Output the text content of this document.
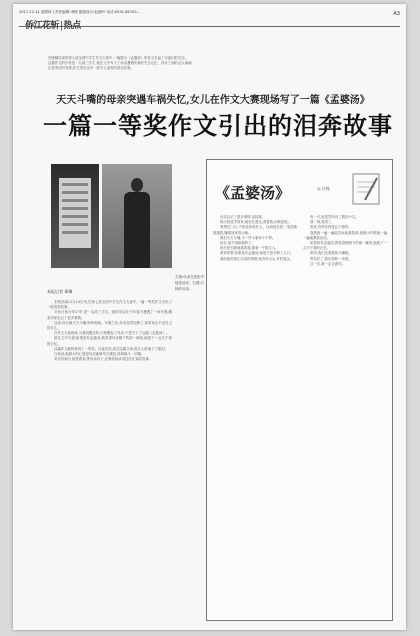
2017.12.14 星期四 | 责任编辑:李桃 版面设计:赵晓玲 电话:0531-85193...
侨江花斩|热点
A3

在刚刚结束的第七届全国中学生作文大赛中,一篇题为《孟婆汤》的作文引起了评委们的关注。

这篇作文的作者是一名高三学生,她在文中写下了母亲遭遇车祸后失去记忆、母女之间的点点滴滴。

记者采访时发现,作文背后还有一段令人泪奔的真实故事。

天天斗嘴的母亲突遇车祸失忆,女儿在作文大赛现场写了一篇《孟婆汤》
一篇一等奖作文引出的泪奔故事
左图:母亲在医院中接受治疗。右图:白杨的母亲。
本报记者 郑琳

本报济南12月14日讯,在第七届全国中学生作文大赛中,一篇一等奖作文引出了一段泪奔故事。

女孩白杨今年17岁,是一名高三学生。她的母亲在今年春天遭遇了一场车祸,醒来后却忘记了很多事情。

以前,母女俩天天斗嘴,吵吵闹闹。车祸之后,母亲变得安静了,却常常认不出自己的女儿。

在作文大赛现场,当看到题目时,白杨想起了母亲,于是写下了这篇《孟婆汤》。

她在文中写道:如果真有孟婆汤,我希望母亲喝下的那一碗里,能留下一点关于我的记忆。

这篇作文最终获得了一等奖。评委们说,读完这篇文章,很多人都流下了眼泪。

白杨说,她最大的心愿是母亲能够早日康复,再和她斗一次嘴。

采访结束时,她笑着说,等母亲好了,还要给她讲讲这次比赛的故事。

《孟婆汤》	◎ 白杨

母亲忘记了很多事情,包括我。

那天我放学回家,她坐在窗边,看着我,问我是谁。

我愣在门口,不知道该说什么。以前她总是一见面就数落我,嫌我回来得太晚。

我们天天斗嘴,为一件小事争个不停。

现在,她不再和我吵了。

她只是安静地看着我,像看一个陌生人。

我常常想,如果真有孟婆汤,她是不是多喝了几口。

我给她讲我们以前的事情,她有时点头,有时摇头。

有一天,她忽然叫出了我的小名。

那一刻,我哭了。

原来,有些东西是忘不掉的。

我愿意一遍一遍地告诉她我是谁,就像小时候她一遍一遍地教我说话。

如果真有孟婆汤,我希望她喝下的那一碗里,能留下一点关于我的记忆。

妈妈,我们还要继续斗嘴呢。

等你好了,我们再吵一次吧。

这一次,我一定让着你。
